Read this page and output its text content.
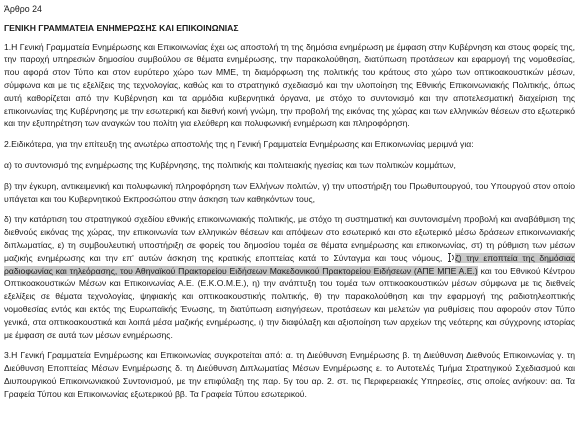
Άρθρο 24
ΓΕΝΙΚΗ ΓΡΑΜΜΑΤΕΙΑ ΕΝΗΜΕΡΩΣΗΣ ΚΑΙ ΕΠΙΚΟΙΝΩΝΙΑΣ

1.Η Γενική Γραμματεία Ενημέρωσης και Επικοινωνίας έχει ως αποστολή τη της δημόσια ενημέρωση με έμφαση στην Κυβέρνηση και στους φορείς της, την παροχή υπηρεσιών δημοσίου συμβούλου σε θέματα ενημέρωσης, την παρακολούθηση, διατύπωση προτάσεων και εφαρμογή της νομοθεσίας, που αφορά στον Τύπο και στον ευρύτερο χώρο των ΜΜΕ, τη διαμόρφωση της πολιτικής του κράτους στο χώρο των οπτικοακουστικών μέσων, σύμφωνα και με τις εξελίξεις της τεχνολογίας, καθώς και το στρατηγικό σχεδιασμό και την υλοποίηση της Εθνικής Επικοινωνιακής Πολιτικής, όπως αυτή καθορίζεται από την Κυβέρνηση και τα αρμόδια κυβερνητικά όργανα, με στόχο το συντονισμό και την αποτελεσματική διαχείριση της επικοινωνίας της Κυβέρνησης με την εσωτερική και διεθνή κοινή γνώμη, την προβολή της εικόνας της χώρας και των ελληνικών θέσεων στο εξωτερικό και την εξυπηρέτηση των αναγκών του πολίτη για ελεύθερη και πολυφωνική ενημέρωση και πληροφόρηση.

2.Ειδικότερα, για την επίτευξη της ανωτέρω αποστολής της η Γενική Γραμματεία Ενημέρωσης και Επικοινωνίας μεριμνά για:

α) το συντονισμό της ενημέρωσης της Κυβέρνησης, της πολιτικής και πολιτειακής ηγεσίας και των πολιτικών κομμάτων,

β) την έγκυρη, αντικειμενική και πολυφωνική πληροφόρηση των Ελλήνων πολιτών, γ) την υποστήριξη του Πρωθυπουργού, του Υπουργού στον οποίο υπάγεται και του Κυβερνητικού Εκπροσώπου στην άσκηση των καθηκόντων τους,

δ) την κατάρτιση του στρατηγικού σχεδίου εθνικής επικοινωνιακής πολιτικής, με στόχο τη συστηματική και συντονισμένη προβολή και αναβάθμιση της διεθνούς εικόνας της χώρας, την επικοινωνία των ελληνικών θέσεων και απόψεων στο εσωτερικό και στο εξωτερικό μέσω δράσεων επικοινωνιακής διπλωματίας, ε) τη συμβουλευτική υποστήριξη σε φορείς του δημοσίου τομέα σε θέματα ενημέρωσης και επικοινωνίας, στ) τη ρύθμιση των μέσων μαζικής ενημέρωσης και την επ' αυτών άσκηση της κρατικής εποπτείας κατά το Σύνταγμα και τους νόμους,
ζ) την εποπτεία της δημόσιας ραδιοφωνίας και τηλεόρασης, του Αθηναϊκού Πρακτορείου Ειδήσεων Μακεδονικού Πρακτορείου Ειδήσεων (ΑΠΕ ΜΠΕ Α.Ε.) και του Εθνικού Κέντρου Οπτικοακουστικών Μέσων και Επικοινωνίας Α.Ε. (Ε.Κ.Ο.Μ.Ε.), η) την ανάπτυξη του τομέα των οπτικοακουστικών μέσων σύμφωνα με τις διεθνείς εξελίξεις σε θέματα τεχνολογίας, ψηφιακής και οπτικοακουστικής πολιτικής, θ) την παρακολούθηση και την εφαρμογή της ραδιοτηλεοπτικής νομοθεσίας εντός και εκτός της Ευρωπαϊκής Ένωσης, τη διατύπωση εισηγήσεων, προτάσεων και μελετών για ρυθμίσεις που αφορούν στον Τύπο γενικά, στα οπτικοακουστικά και λοιπά μέσα μαζικής ενημέρωσης, ι) την διαφύλαξη και αξιοποίηση των αρχείων της νεότερης και σύγχρονης ιστορίας με έμφαση σε αυτά των μέσων ενημέρωσης.

3.Η Γενική Γραμματεία Ενημέρωσης και Επικοινωνίας συγκροτείται από: α. τη Διεύθυνση Ενημέρωσης β. τη Διεύθυνση Διεθνούς Επικοινωνίας γ. τη Διεύθυνση Εποπτείας Μέσων Ενημέρωσης δ. τη Διεύθυνση Διπλωματίας Μέσων Ενημέρωσης ε. το Αυτοτελές Τμήμα Στρατηγικού Σχεδιασμού και Διυπουργικού Επικοινωνιακού Συντονισμού, με την επιφύλαξη της παρ. 5γ του αρ. 2. στ. τις Περιφερειακές Υπηρεσίες, στις οποίες ανήκουν: αα. Τα Γραφεία Τύπου και Επικοινωνίας εξωτερικού ββ. Τα Γραφεία Τύπου εσωτερικού.
